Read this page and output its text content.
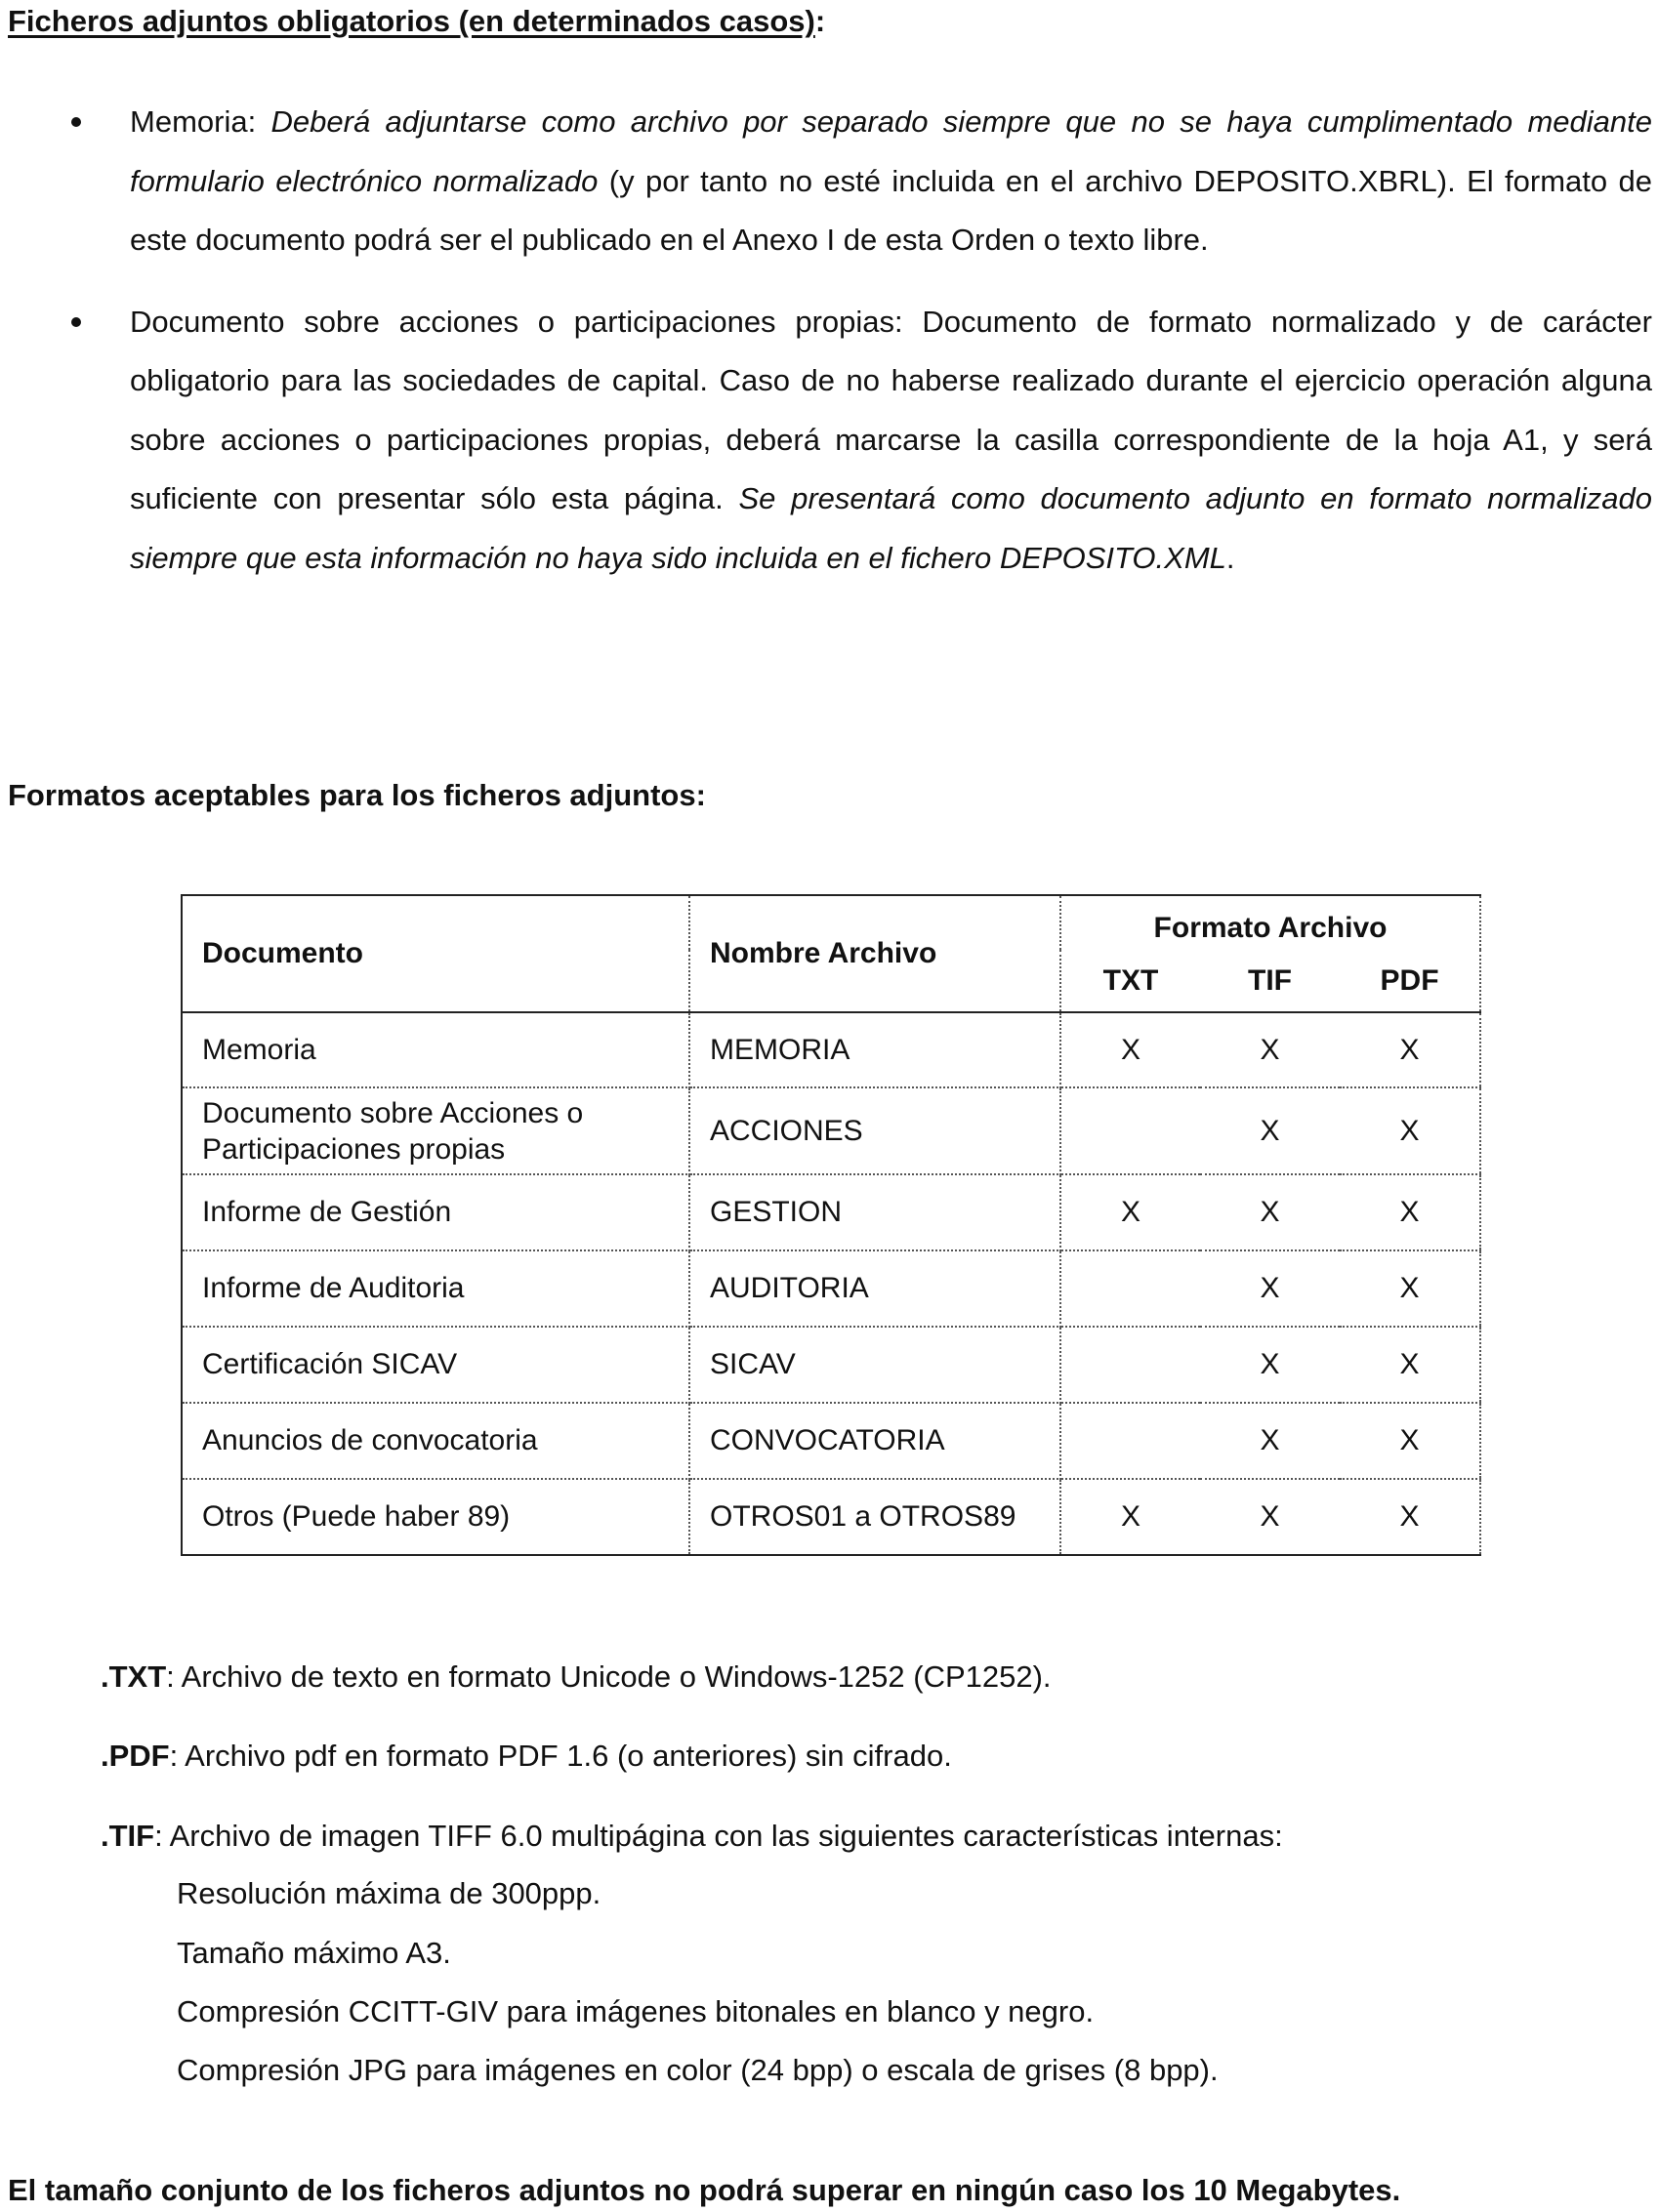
Ficheros adjuntos obligatorios (en determinados casos):
Memoria: Deberá adjuntarse como archivo por separado siempre que no se haya cumplimentado mediante formulario electrónico normalizado (y por tanto no esté incluida en el archivo DEPOSITO.XBRL). El formato de este documento podrá ser el publicado en el Anexo I de esta Orden o texto libre.
Documento sobre acciones o participaciones propias: Documento de formato normalizado y de carácter obligatorio para las sociedades de capital. Caso de no haberse realizado durante el ejercicio operación alguna sobre acciones o participaciones propias, deberá marcarse la casilla correspondiente de la hoja A1, y será suficiente con presentar sólo esta página. Se presentará como documento adjunto en formato normalizado siempre que esta información no haya sido incluida en el fichero DEPOSITO.XML.
Formatos aceptables para los ficheros adjuntos:
Documento	Nombre Archivo	Formato Archivo		
		TXT	TIF	PDF
Memoria	MEMORIA	X	X	X
Documento sobre Acciones o Participaciones propias	ACCIONES		X	X
Informe de Gestión	GESTION	X	X	X
Informe de Auditoria	AUDITORIA		X	X
Certificación SICAV	SICAV		X	X
Anuncios de convocatoria	CONVOCATORIA		X	X
Otros (Puede haber 89)	OTROS01 a OTROS89	X	X	X

.TXT: Archivo de texto en formato Unicode o Windows-1252 (CP1252).

.PDF: Archivo pdf en formato PDF 1.6 (o anteriores) sin cifrado.

.TIF: Archivo de imagen TIFF 6.0 multipágina con las siguientes características internas:

Resolución máxima de 300ppp.

Tamaño máximo A3.

Compresión CCITT-GIV para imágenes bitonales en blanco y negro.

Compresión JPG para imágenes en color (24 bpp) o escala de grises (8 bpp).

El tamaño conjunto de los ficheros adjuntos no podrá superar en ningún caso los 10 Megabytes.
